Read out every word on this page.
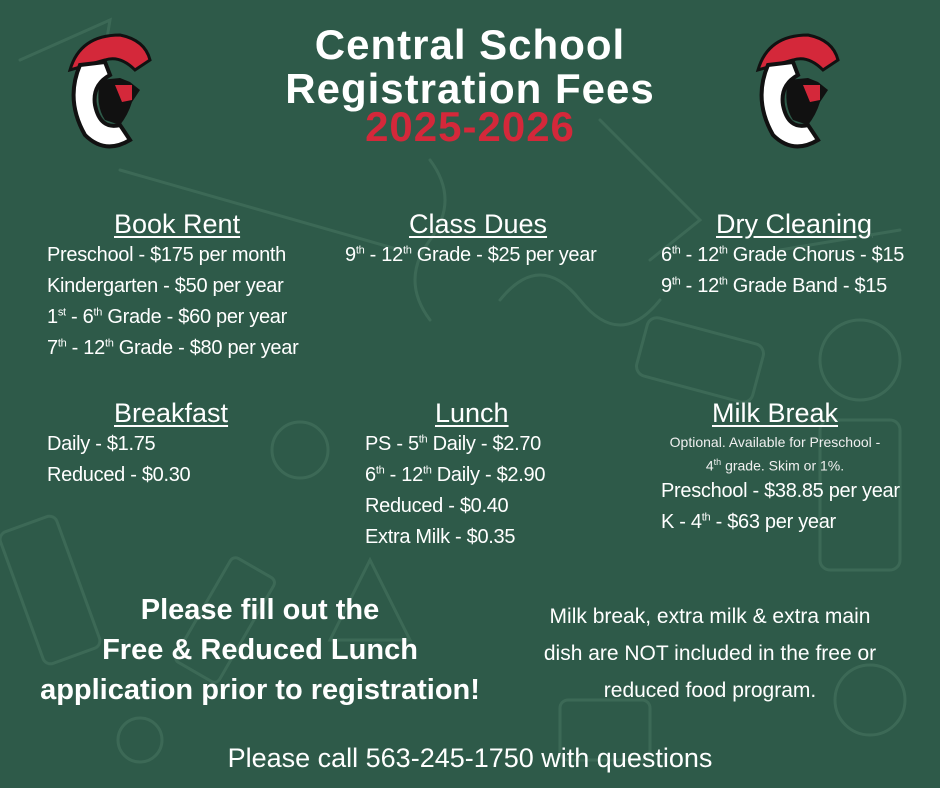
Central School
Registration Fees
2025-2026
Book Rent
Preschool - $175 per month
Kindergarten - $50 per year
1st - 6th Grade - $60 per year
7th - 12th Grade - $80 per year
Class Dues
9th - 12th Grade - $25 per year
Dry Cleaning
6th - 12th Grade Chorus - $15
9th - 12th Grade Band - $15
Breakfast
Daily - $1.75
Reduced - $0.30
Lunch
PS - 5th Daily - $2.70
6th - 12th Daily - $2.90
Reduced - $0.40
Extra Milk - $0.35
Milk Break
Optional. Available for Preschool -
4th grade. Skim or 1%.
Preschool - $38.85 per year
K - 4th - $63 per year
Please fill out the
Free & Reduced Lunch
application prior to registration!
Milk break, extra milk & extra main
dish are NOT included in the free or
reduced food program.
Please call 563-245-1750 with questions
